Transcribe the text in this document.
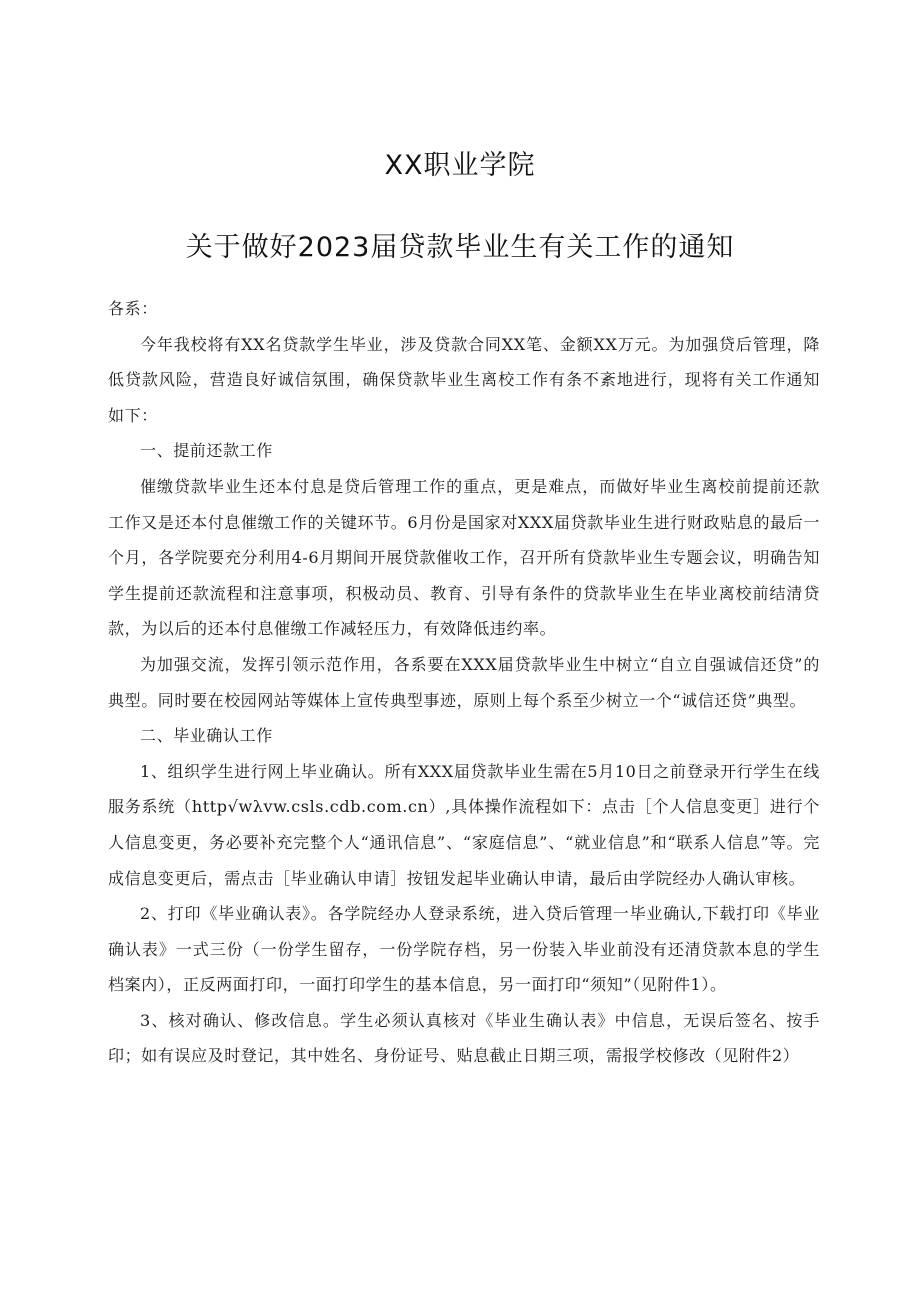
XX职业学院
关于做好2023届贷款毕业生有关工作的通知

各系：

今年我校将有XX名贷款学生毕业，涉及贷款合同XX笔、金额XX万元。为加强贷后管理，降低贷款风险，营造良好诚信氛围，确保贷款毕业生离校工作有条不紊地进行，现将有关工作通知如下：

一、提前还款工作

催缴贷款毕业生还本付息是贷后管理工作的重点，更是难点，而做好毕业生离校前提前还款工作又是还本付息催缴工作的关键环节。6月份是国家对XXX届贷款毕业生进行财政贴息的最后一个月，各学院要充分利用4-6月期间开展贷款催收工作，召开所有贷款毕业生专题会议，明确告知学生提前还款流程和注意事项，积极动员、教育、引导有条件的贷款毕业生在毕业离校前结清贷款，为以后的还本付息催缴工作减轻压力，有效降低违约率。

为加强交流，发挥引领示范作用，各系要在XXX届贷款毕业生中树立“自立自强诚信还贷”的典型。同时要在校园网站等媒体上宣传典型事迹，原则上每个系至少树立一个“诚信还贷”典型。

二、毕业确认工作

1、组织学生进行网上毕业确认。所有XXX届贷款毕业生需在5月10日之前登录开行学生在线服务系统（http√wλvw.csls.cdb.com.cn）,具体操作流程如下：点击［个人信息变更］进行个人信息变更，务必要补充完整个人“通讯信息”、“家庭信息”、“就业信息”和“联系人信息”等。完成信息变更后，需点击［毕业确认申请］按钮发起毕业确认申请，最后由学院经办人确认审核。

2、打印《毕业确认表》。各学院经办人登录系统，进入贷后管理一毕业确认,下载打印《毕业确认表》一式三份（一份学生留存，一份学院存档，另一份装入毕业前没有还清贷款本息的学生档案内），正反两面打印，一面打印学生的基本信息，另一面打印“须知”（见附件1）。

3、核对确认、修改信息。学生必须认真核对《毕业生确认表》中信息，无误后签名、按手印；如有误应及时登记，其中姓名、身份证号、贴息截止日期三项，需报学校修改（见附件2）
